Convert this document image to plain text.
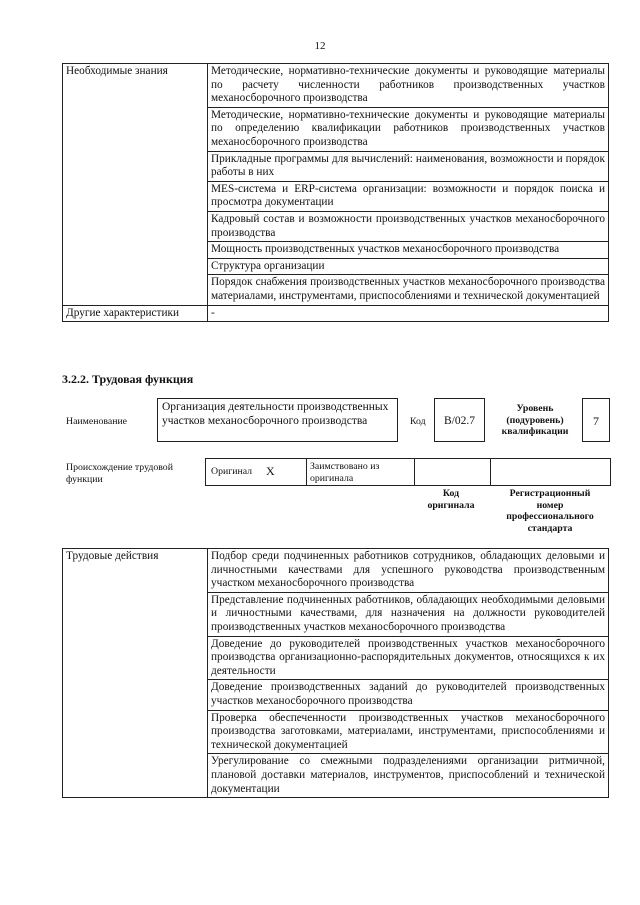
12
Необходимые знания	Методические, нормативно-технические документы и руководящие материалы по расчету численности работников производственных участков механосборочного производства
	Методические, нормативно-технические документы и руководящие материалы по определению квалификации работников производственных участков механосборочного производства
	Прикладные программы для вычислений: наименования, возможности и порядок работы в них
	MES-система и ERP-система организации: возможности и порядок поиска и просмотра документации
	Кадровый состав и возможности производственных участков механосборочного производства
	Мощность производственных участков механосборочного производства
	Структура организации
	Порядок снабжения производственных участков механосборочного производства материалами, инструментами, приспособлениями и технической документацией
Другие характеристики	-
3.2.2. Трудовая функция
Наименование
Организация деятельности производственных участков механосборочного производства	Код	B/02.7
Уровень (подуровень) квалификации
7
Происхождение трудовой функции
Оригинал X	Заимствовано из оригинала
Код оригинала
Регистрационный номер профессионального стандарта
Трудовые действия	Подбор среди подчиненных работников сотрудников, обладающих деловыми и личностными качествами для успешного руководства производственным участком механосборочного производства
Представление подчиненных работников, обладающих необходимыми деловыми и личностными качествами, для назначения на должности руководителей производственных участков механосборочного производства
Доведение до руководителей производственных участков механосборочного производства организационно-распорядительных документов, относящихся к их деятельности
Доведение производственных заданий до руководителей производственных участков механосборочного производства
Проверка обеспеченности производственных участков механосборочного производства заготовками, материалами, инструментами, приспособлениями и технической документацией
Урегулирование со смежными подразделениями организации ритмичной, плановой доставки материалов, инструментов, приспособлений и технической документации
